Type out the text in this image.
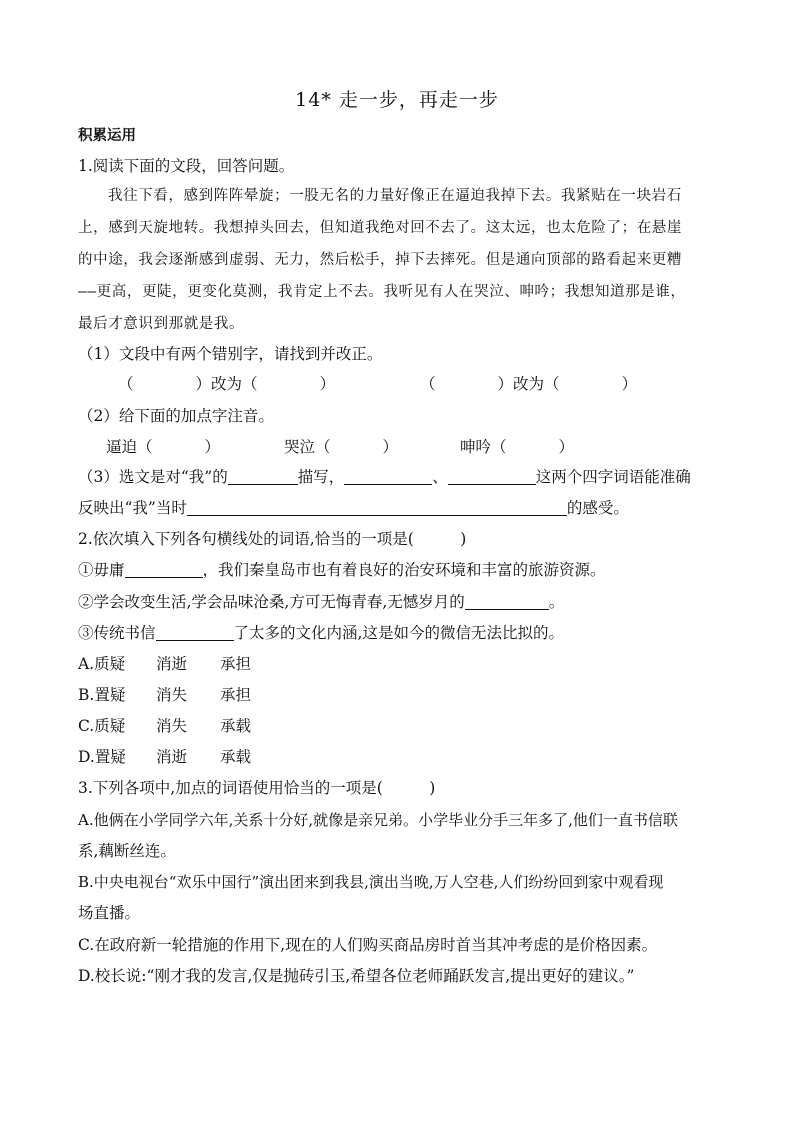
14* 走一步，再走一步
积累运用
1.阅读下面的文段，回答问题。
我往下看，感到阵阵晕旋；一股无名的力量好像正在逼迫我掉下去。我紧贴在一块岩石
上，感到天旋地转。我想掉头回去，但知道我绝对回不去了。这太远，也太危险了；在悬崖
的中途，我会逐渐感到虚弱、无力，然后松手，掉下去摔死。但是通向顶部的路看起来更糟
——更高，更陡，更变化莫测，我肯定上不去。我听见有人在哭泣、呻吟；我想知道那是谁，
最后才意识到那就是我。
（1）文段中有两个错别字，请找到并改正。
（	）改为（	）	（	）改为（	）
（2）给下面的加点字注音。
逼迫（	）	哭泣（	）	呻吟（	）
（3）选文是对“我”的	描写，	、	这两个四字词语能准确
反映出“我”当时	的感受。
2.依次填入下列各句横线处的词语,恰当的一项是(　　　)
①毋庸	，我们秦皇岛市也有着良好的治安环境和丰富的旅游资源。
②学会改变生活,学会品味沧桑,方可无悔青春,无憾岁月的	。
③传统书信	了太多的文化内涵,这是如今的微信无法比拟的。
A.质疑 消逝 承担
B.置疑 消失 承担
C.质疑 消失 承载
D.置疑 消逝 承载
3.下列各项中,加点的词语使用恰当的一项是(　　　)
A.他俩在小学同学六年,关系十分好,就像是亲兄弟。小学毕业分手三年多了,他们一直书信联
系,藕断丝连。
B.中央电视台“欢乐中国行”演出团来到我县,演出当晚,万人空巷,人们纷纷回到家中观看现
场直播。
C.在政府新一轮措施的作用下,现在的人们购买商品房时首当其冲考虑的是价格因素。
D.校长说:“刚才我的发言,仅是抛砖引玉,希望各位老师踊跃发言,提出更好的建议。”
